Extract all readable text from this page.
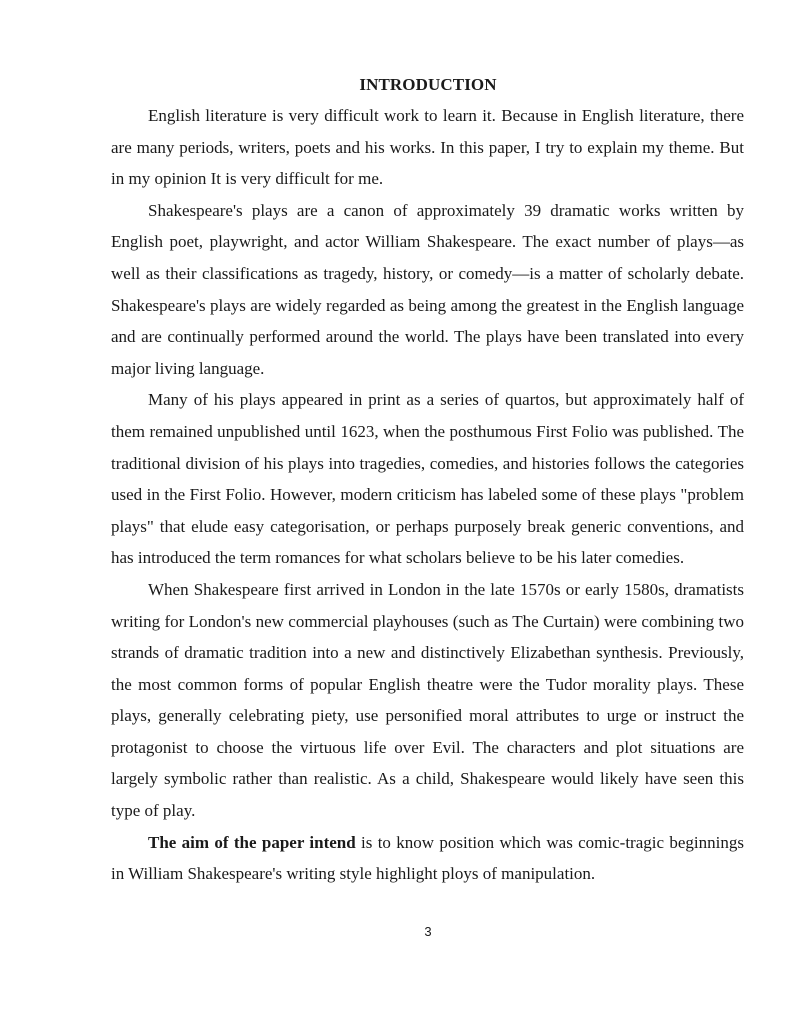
INTRODUCTION

English literature is very difficult work to learn it. Because in English literature, there are many periods, writers, poets and his works. In this paper, I try to explain my theme. But in my opinion It is very difficult for me.

Shakespeare's plays are a canon of approximately 39 dramatic works written by English poet, playwright, and actor William Shakespeare. The exact number of plays—as well as their classifications as tragedy, history, or comedy—is a matter of scholarly debate. Shakespeare's plays are widely regarded as being among the greatest in the English language and are continually performed around the world. The plays have been translated into every major living language.

Many of his plays appeared in print as a series of quartos, but approximately half of them remained unpublished until 1623, when the posthumous First Folio was published. The traditional division of his plays into tragedies, comedies, and histories follows the categories used in the First Folio. However, modern criticism has labeled some of these plays "problem plays" that elude easy categorisation, or perhaps purposely break generic conventions, and has introduced the term romances for what scholars believe to be his later comedies.

When Shakespeare first arrived in London in the late 1570s or early 1580s, dramatists writing for London's new commercial playhouses (such as The Curtain) were combining two strands of dramatic tradition into a new and distinctively Elizabethan synthesis. Previously, the most common forms of popular English theatre were the Tudor morality plays. These plays, generally celebrating piety, use personified moral attributes to urge or instruct the protagonist to choose the virtuous life over Evil. The characters and plot situations are largely symbolic rather than realistic. As a child, Shakespeare would likely have seen this type of play.

The aim of the paper intend is to know position which was comic-tragic beginnings in William Shakespeare's writing style highlight ploys of manipulation.

3
